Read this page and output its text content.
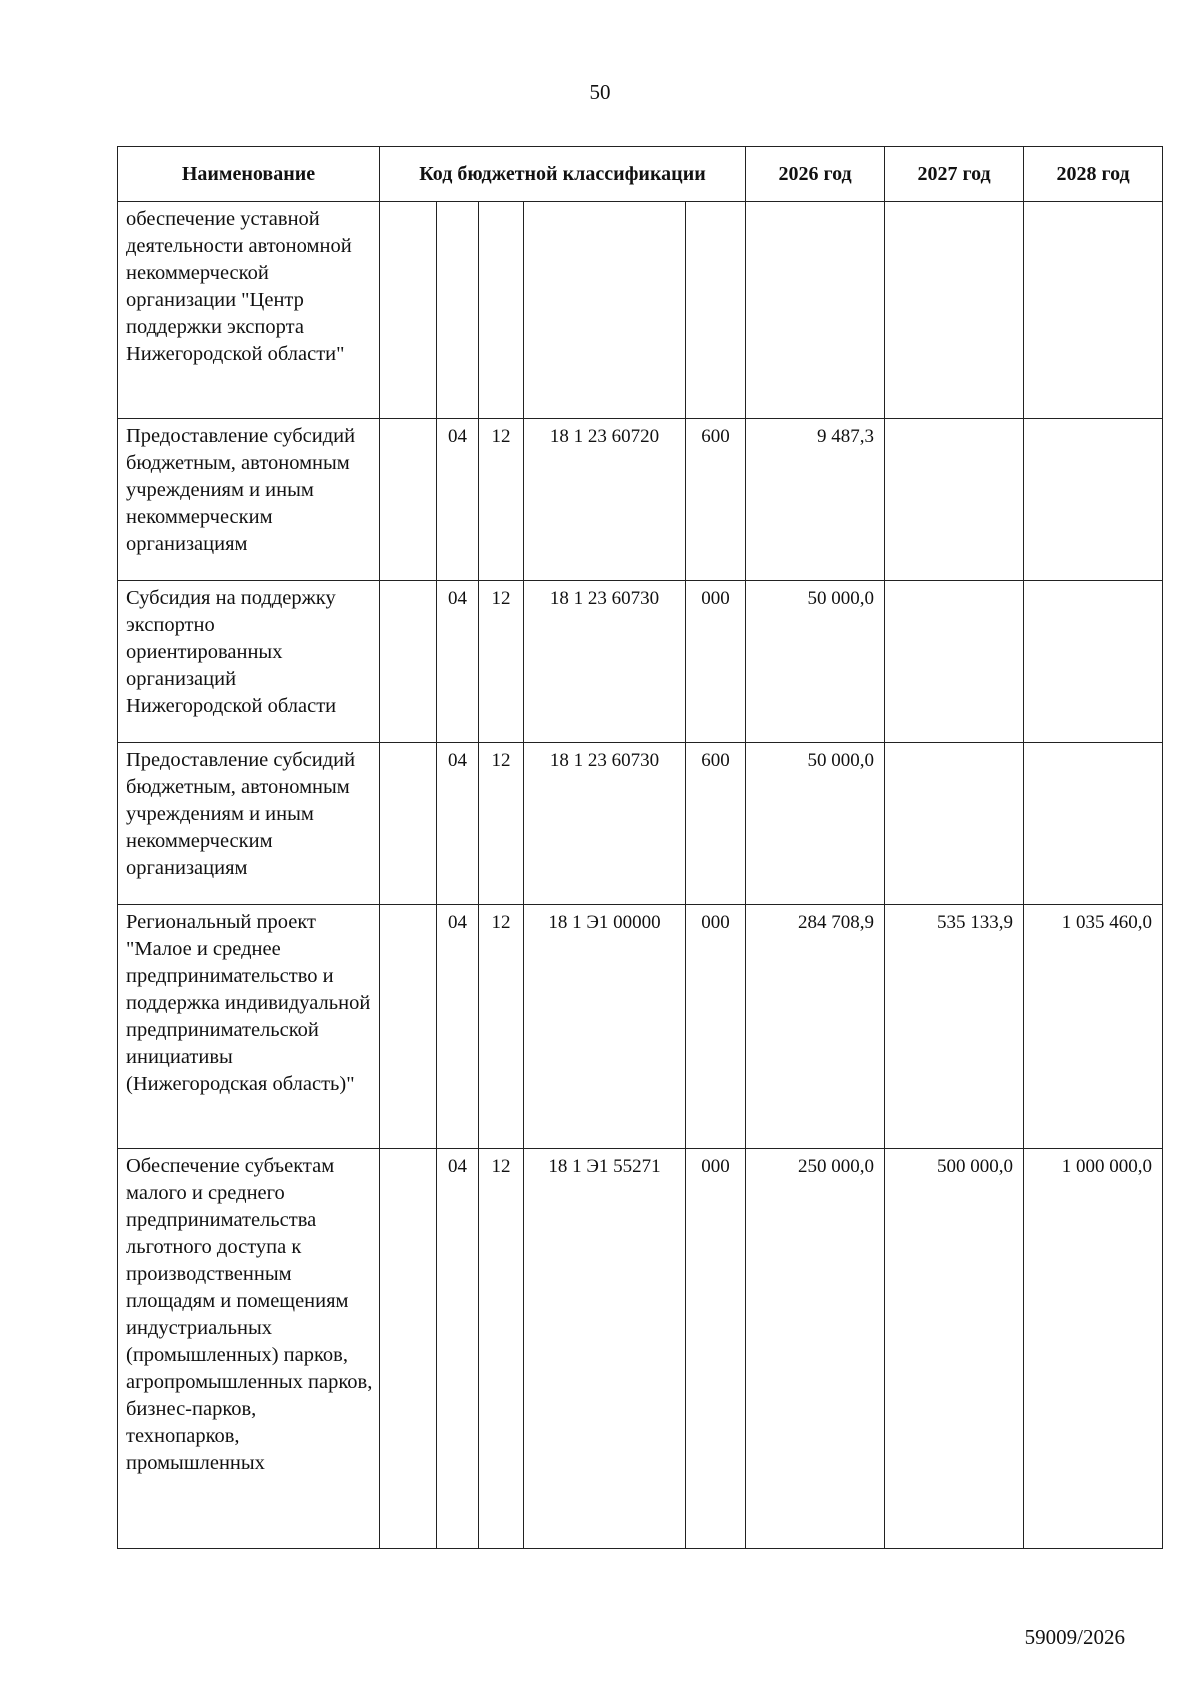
50
Наименование	Код бюджетной классификации					2026 год	2027 год	2028 год
обеспечение уставной деятельности автономной некоммерческой организации "Центр поддержки экспорта Нижегородской области"								
Предоставление субсидий бюджетным, автономным учреждениям и иным некоммерческим организациям		04	12	18 1 23 60720	600	9 487,3		
Субсидия на поддержку экспортно ориентированных организаций Нижегородской области		04	12	18 1 23 60730	000	50 000,0		
Предоставление субсидий бюджетным, автономным учреждениям и иным некоммерческим организациям		04	12	18 1 23 60730	600	50 000,0		
Региональный проект "Малое и среднее предпринимательство и поддержка индивидуальной предпринимательской инициативы (Нижегородская область)"		04	12	18 1 Э1 00000	000	284 708,9	535 133,9	1 035 460,0
Обеспечение субъектам малого и среднего предпринимательства льготного доступа к производственным площадям и помещениям индустриальных (промышленных) парков, агропромышленных парков, бизнес-парков, технопарков, промышленных		04	12	18 1 Э1 55271	000	250 000,0	500 000,0	1 000 000,0
59009/2026
